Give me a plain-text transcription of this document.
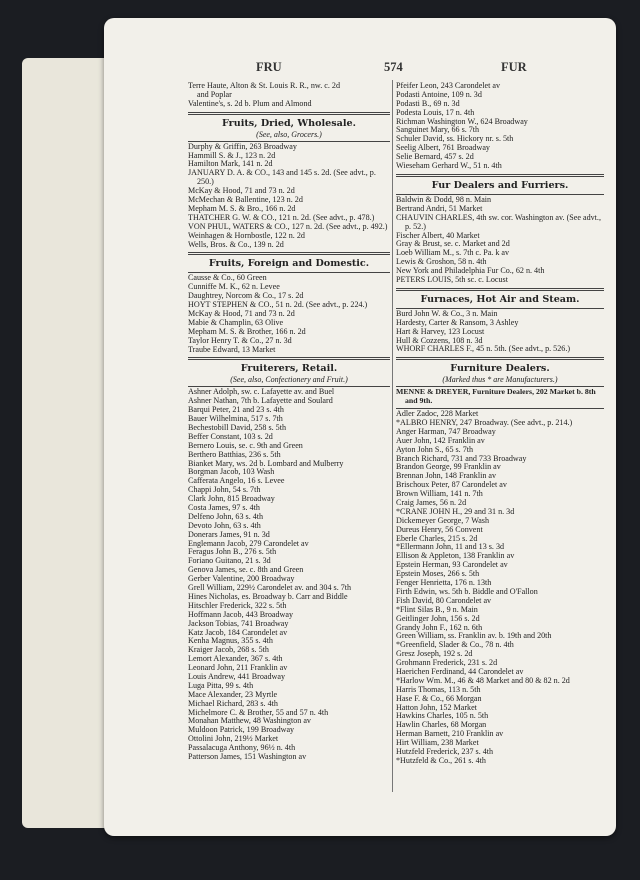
FRU	574	FUR
Terre Haute, Alton & St. Louis R. R., nw. c. 2d
and Poplar
Valentine's, s. 2d b. Plum and Almond
Fruits, Dried, Wholesale.
(See, also, Grocers.)
Durphy & Griffin, 263 Broadway
Hammill S. & J., 123 n. 2d
Hamilton Mark, 141 n. 2d
JANUARY D. A. & CO., 143 and 145 s. 2d. (See advt., p. 250.)
McKay & Hood, 71 and 73 n. 2d
McMechan & Ballentine, 123 n. 2d
Mepham M. S. & Bro., 166 n. 2d
THATCHER G. W. & CO., 121 n. 2d. (See advt., p. 478.)
VON PHUL, WATERS & CO., 127 n. 2d. (See advt., p. 492.)
Weinhagen & Hornbostle, 122 n. 2d
Wells, Bros. & Co., 139 n. 2d
Fruits, Foreign and Domestic.
Causse & Co., 60 Green
Cunniffe M. K., 62 n. Levee
Daughtrey, Norcom & Co., 17 s. 2d
HOYT STEPHEN & CO., 51 n. 2d. (See advt., p. 224.)
McKay & Hood, 71 and 73 n. 2d
Mabie & Champlin, 63 Olive
Mepham M. S. & Brother, 166 n. 2d
Taylor Henry T. & Co., 27 n. 3d
Traube Edward, 13 Market
Fruiterers, Retail.
(See, also, Confectionery and Fruit.)
Ashner Adolph, sw. c. Lafayette av. and Buel
Ashner Nathan, 7th b. Lafayette and Soulard
Barqui Peter, 21 and 23 s. 4th
Bauer Wilhelmina, 517 s. 7th
Bechestobill David, 258 s. 5th
Beffer Constant, 103 s. 2d
Bernero Louis, se. c. 9th and Green
Berthero Batthias, 236 s. 5th
Bianket Mary, ws. 2d b. Lombard and Mulberry
Borgman Jacob, 103 Wash
Cafferata Angelo, 16 s. Levee
Chappi John, 54 s. 7th
Clark John, 815 Broadway
Costa James, 97 s. 4th
Delfeno John, 63 s. 4th
Devoto John, 63 s. 4th
Donerars James, 91 n. 3d
Englemann Jacob, 279 Carondelet av
Feragus John B., 276 s. 5th
Foriano Guitano, 21 s. 3d
Genova James, se. c. 8th and Green
Gerber Valentine, 200 Broadway
Grell William, 229½ Carondelet av. and 304 s. 7th
Hines Nicholas, es. Broadway b. Carr and Biddle
Hitschler Frederick, 322 s. 5th
Hoffmann Jacob, 443 Broadway
Jackson Tobias, 741 Broadway
Katz Jacob, 184 Carondelet av
Kenha Magnus, 355 s. 4th
Kraiger Jacob, 268 s. 5th
Lemort Alexander, 367 s. 4th
Leonard John, 211 Franklin av
Louis Andrew, 441 Broadway
Luga Pitta, 99 s. 4th
Mace Alexander, 23 Myrtle
Michael Richard, 283 s. 4th
Michelmore C. & Brother, 55 and 57 n. 4th
Monahan Matthew, 48 Washington av
Muldoon Patrick, 199 Broadway
Ottolini John, 219½ Market
Passalacuga Anthony, 96½ n. 4th
Patterson James, 151 Washington av
Pfeifer Leon, 243 Carondelet av
Podasti Antoine, 109 n. 3d
Podasti B., 69 n. 3d
Podesta Louis, 17 n. 4th
Richman Washington W., 624 Broadway
Sanguinet Mary, 66 s. 7th
Schuler David, ss. Hickory nr. s. 5th
Seelig Albert, 761 Broadway
Selie Bernard, 457 s. 2d
Wieseham Gerhard W., 51 n. 4th
Fur Dealers and Furriers.
Baldwin & Dodd, 98 n. Main
Bertrand Andri, 51 Market
CHAUVIN CHARLES, 4th sw. cor. Washington av. (See advt., p. 52.)
Fischer Albert, 40 Market
Gray & Brust, se. c. Market and 2d
Loeb William M., s. 7th c. Pa. k av
Lewis & Groshon, 58 n. 4th
New York and Philadelphia Fur Co., 62 n. 4th
PETERS LOUIS, 5th sc. c. Locust
Furnaces, Hot Air and Steam.
Burd John W. & Co., 3 n. Main
Hardesty, Carter & Ransom, 3 Ashley
Hart & Harvey, 123 Locust
Hull & Cozzens, 108 n. 3d
WHORF CHARLES F., 45 n. 5th. (See advt., p. 526.)
Furniture Dealers.
(Marked thus * are Manufacturers.)
MENNE & DREYER, Furniture Dealers, 202 Market b. 8th and 9th.
Adler Zadoc, 228 Market
*ALBRO HENRY, 247 Broadway. (See advt., p. 214.)
Anger Harman, 747 Broadway
Auer John, 142 Franklin av
Ayton John S., 65 s. 7th
Branch Richard, 731 and 733 Broadway
Brandon George, 99 Franklin av
Brennan John, 148 Franklin av
Brischoux Peter, 87 Carondelet av
Brown William, 141 n. 7th
Craig James, 56 n. 2d
*CRANE JOHN H., 29 and 31 n. 3d
Dickemeyer George, 7 Wash
Dureus Henry, 56 Convent
Eberle Charles, 215 s. 2d
*Ellermann John, 11 and 13 s. 3d
Ellison & Appleton, 138 Franklin av
Epstein Herman, 93 Carondelet av
Epstein Moses, 266 s. 5th
Fenger Henrietta, 176 n. 13th
Firth Edwin, ws. 5th b. Biddle and O'Fallon
Fish David, 80 Carondelet av
*Flint Silas B., 9 n. Main
Geitlinger John, 156 s. 2d
Grandy John F., 162 n. 6th
Green William, ss. Franklin av. b. 19th and 20th
*Greenfield, Slader & Co., 78 n. 4th
Gresz Joseph, 192 s. 2d
Grohmann Frederick, 231 s. 2d
Haerichen Ferdinand, 44 Carondelet av
*Harlow Wm. M., 46 & 48 Market and 80 & 82 n. 2d
Harris Thomas, 113 n. 5th
Hase F. & Co., 66 Morgan
Hatton John, 152 Market
Hawkins Charles, 105 n. 5th
Hawlin Charles, 68 Morgan
Herman Barnett, 210 Franklin av
Hirt William, 238 Market
Hutzfeld Frederick, 237 s. 4th
*Hutzfeld & Co., 261 s. 4th
